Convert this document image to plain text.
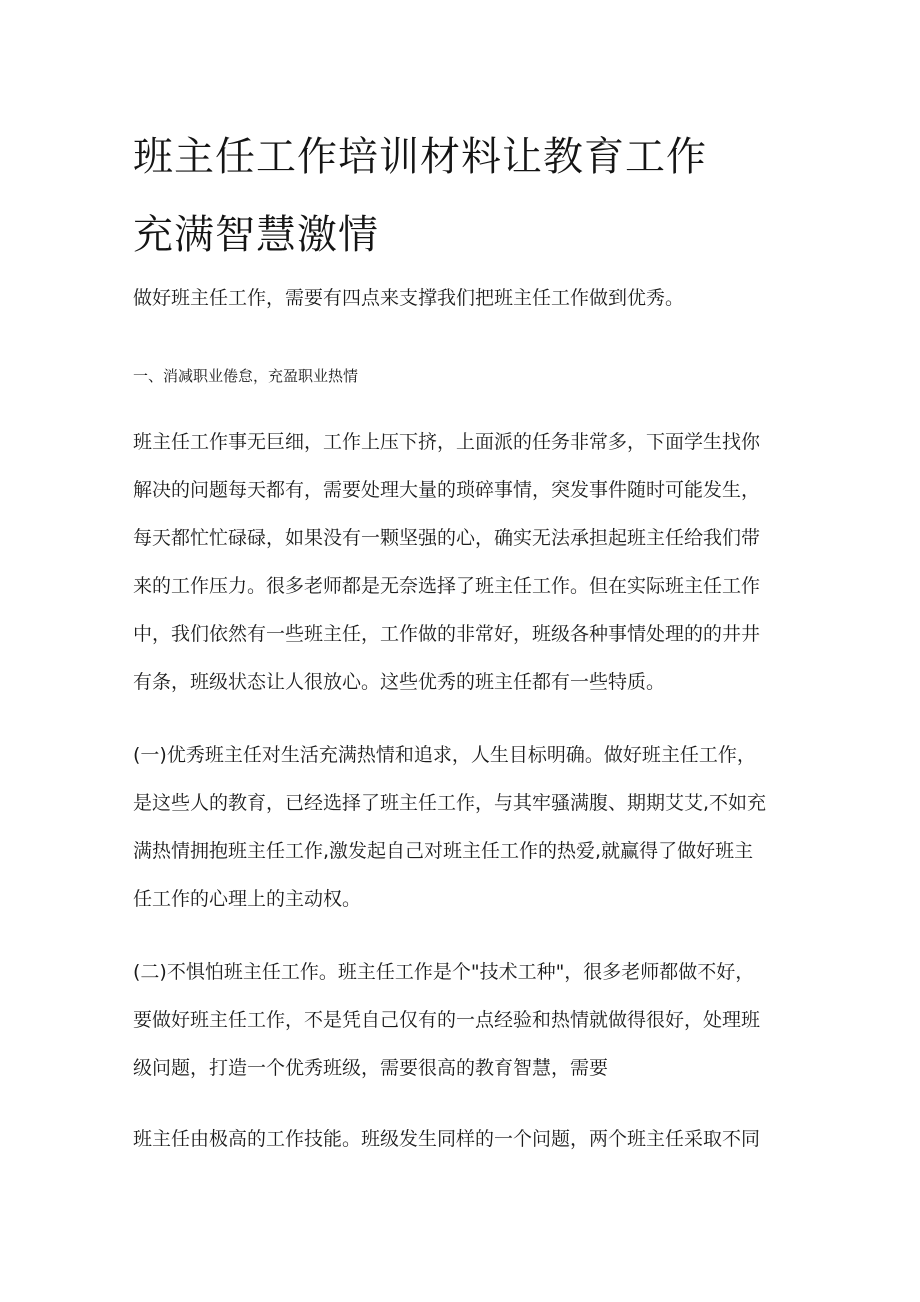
班主任工作培训材料让教育工作
充满智慧激情
做好班主任工作，需要有四点来支撑我们把班主任工作做到优秀。
一、消减职业倦怠，充盈职业热情
班主任工作事无巨细，工作上压下挤，上面派的任务非常多，下面学生找你
解决的问题每天都有，需要处理大量的琐碎事情，突发事件随时可能发生，
每天都忙忙碌碌，如果没有一颗坚强的心，确实无法承担起班主任给我们带
来的工作压力。很多老师都是无奈选择了班主任工作。但在实际班主任工作
中，我们依然有一些班主任，工作做的非常好，班级各种事情处理的的井井
有条，班级状态让人很放心。这些优秀的班主任都有一些特质。
(一)优秀班主任对生活充满热情和追求，人生目标明确。做好班主任工作，
是这些人的教育，已经选择了班主任工作，与其牢骚满腹、期期艾艾,不如充
满热情拥抱班主任工作,激发起自己对班主任工作的热爱,就赢得了做好班主
任工作的心理上的主动权。
(二)不惧怕班主任工作。班主任工作是个"技术工种"，很多老师都做不好，
要做好班主任工作，不是凭自己仅有的一点经验和热情就做得很好，处理班
级问题，打造一个优秀班级，需要很高的教育智慧，需要
班主任由极高的工作技能。班级发生同样的一个问题，两个班主任采取不同
